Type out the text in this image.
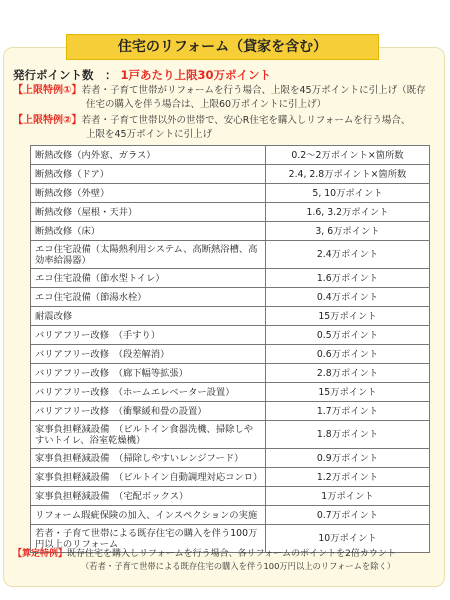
住宅のリフォーム（貸家を含む）
発行ポイント数　： 1戸あたり上限30万ポイント
【上限特例①】若者・子育て世帯がリフォームを行う場合、上限を45万ポイントに引上げ（既存
住宅の購入を伴う場合は、上限60万ポイントに引上げ）
【上限特例②】若者・子育て世帯以外の世帯で、安心R住宅を購入しリフォームを行う場合、
上限を45万ポイントに引上げ
断熱改修（内外窓、ガラス）	0.2～2万ポイント×箇所数
断熱改修（ドア）	2.4, 2.8万ポイント×箇所数
断熱改修（外壁）	5, 10万ポイント
断熱改修（屋根・天井）	1.6, 3.2万ポイント
断熱改修（床）	3, 6万ポイント
エコ住宅設備（太陽熱利用システム、高断熱浴槽、高効率給湯器）	2.4万ポイント
エコ住宅設備（節水型トイレ）	1.6万ポイント
エコ住宅設備（節湯水栓）	0.4万ポイント
耐震改修	15万ポイント
バリアフリー改修　（手すり）	0.5万ポイント
バリアフリー改修　（段差解消）	0.6万ポイント
バリアフリー改修　（廊下幅等拡張）	2.8万ポイント
バリアフリー改修　（ホームエレベーター設置）	15万ポイント
バリアフリー改修　（衝撃緩和畳の設置）	1.7万ポイント
家事負担軽減設備　（ビルトイン食器洗機、掃除しやすいトイレ、浴室乾燥機）	1.8万ポイント
家事負担軽減設備　（掃除しやすいレンジフード）	0.9万ポイント
家事負担軽減設備　（ビルトイン自動調理対応コンロ）	1.2万ポイント
家事負担軽減設備　（宅配ボックス）	1万ポイント
リフォーム瑕疵保険の加入、インスペクションの実施	0.7万ポイント
若者・子育て世帯による既存住宅の購入を伴う100万円以上のリフォーム	10万ポイント
【算定特例】既存住宅を購入しリフォームを行う場合、各リフォームのポイントを2倍カウント
（若者・子育て世帯による既存住宅の購入を伴う100万円以上のリフォームを除く）
